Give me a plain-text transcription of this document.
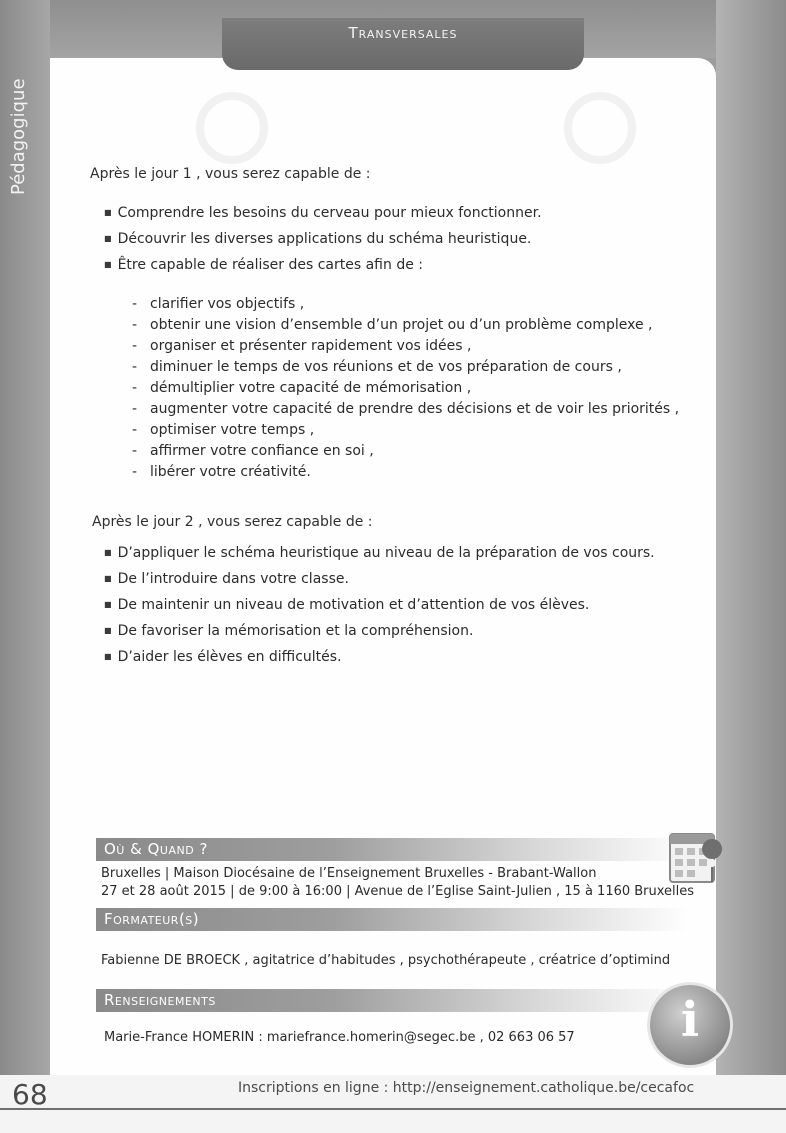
Transversales
Pédagogique	Après le jour 1 , vous serez capable de :
■ Comprendre les besoins du cerveau pour mieux fonctionner.
■ Découvrir les diverses applications du schéma heuristique.
■ Être capable de réaliser des cartes afin de :
- clarifier vos objectifs ,
- obtenir une vision d’ensemble d’un projet ou d’un problème complexe ,
- organiser et présenter rapidement vos idées ,
- diminuer le temps de vos réunions et de vos préparation de cours ,
- démultiplier votre capacité de mémorisation ,
- augmenter votre capacité de prendre des décisions et de voir les priorités ,
- optimiser votre temps ,
- affirmer votre confiance en soi ,
- libérer votre créativité.
Après le jour 2 , vous serez capable de :
■ D’appliquer le schéma heuristique au niveau de la préparation de vos cours.
■ De l’introduire dans votre classe.
■ De maintenir un niveau de motivation et d’attention de vos élèves.
■ De favoriser la mémorisation et la compréhension.
■ D’aider les élèves en difficultés.
Où & Quand ?
Bruxelles | Maison Diocésaine de l’Enseignement Bruxelles - Brabant-Wallon
27 et 28 août 2015 | de 9:00 à 16:00 | Avenue de l’Eglise Saint-Julien , 15 à 1160 Bruxelles
Formateur(s)
Fabienne DE BROECK , agitatrice d’habitudes , psychothérapeute , créatrice d’optimind
Renseignements
Marie-France HOMERIN : mariefrance.homerin@segec.be , 02 663 06 57	i
68	Inscriptions en ligne : http://enseignement.catholique.be/cecafoc
